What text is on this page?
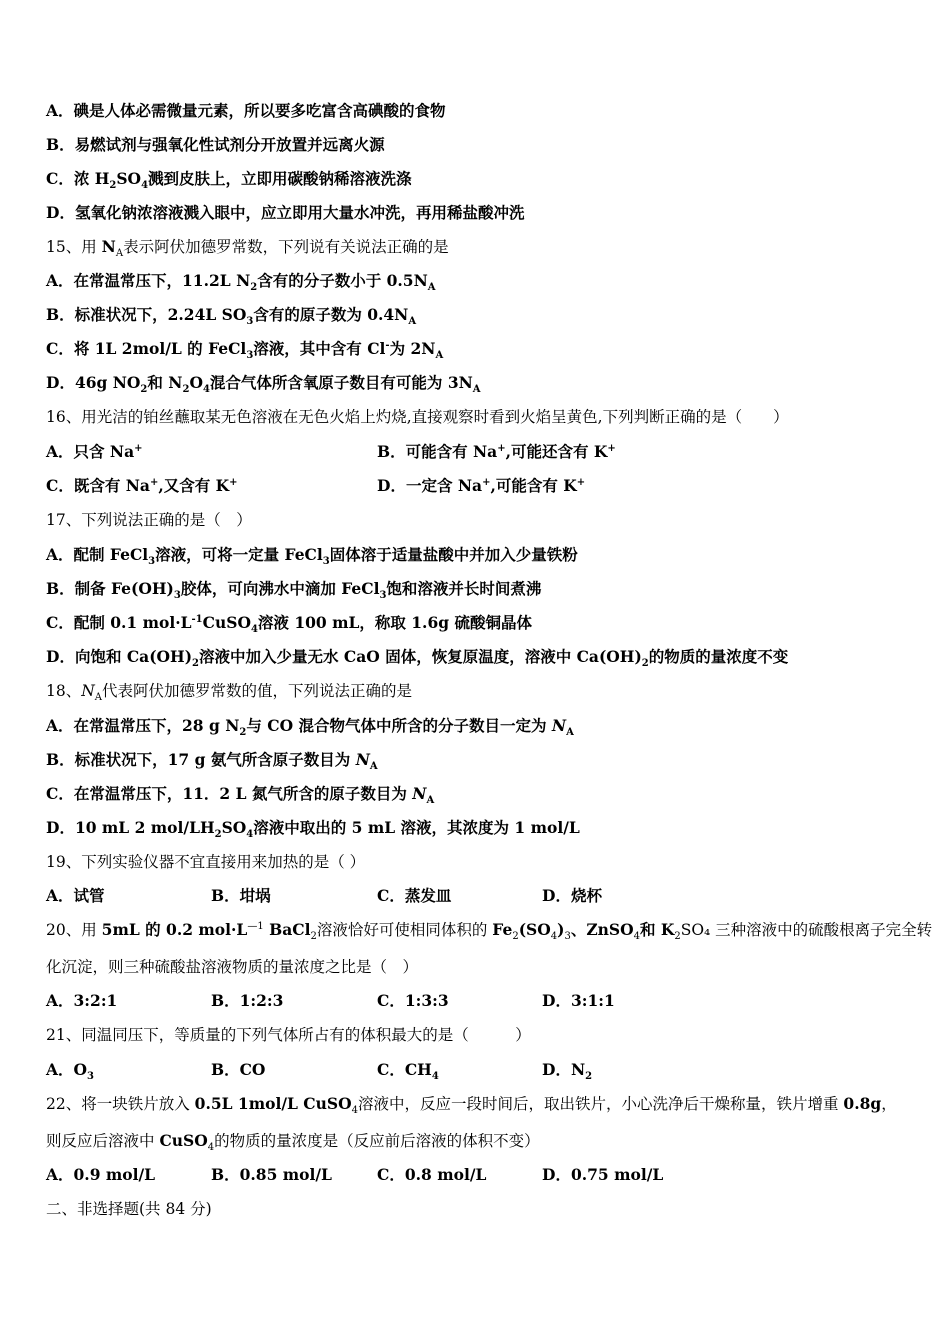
A．碘是人体必需微量元素，所以要多吃富含高碘酸的食物
B．易燃试剂与强氧化性试剂分开放置并远离火源
C．浓 $H_2SO_4$溅到皮肤上，立即用碳酸钠稀溶液洗涤
D．氢氧化钠浓溶液溅入眼中，应立即用大量水冲洗，再用稀盐酸冲洗
15、用 $N_A$表示阿伏加德罗常数，下列说有关说法正确的是
A．在常温常压下，11.2L $N_2$含有的分子数小于 $0.5N_A$
B．标准状况下，2.24L $SO_3$含有的原子数为 $0.4N_A$
C．将 1L 2mol/L 的 FeCl$_3$溶液，其中含有 Cl-为 $2N_A$
D．46g $NO_2$和 $N_2O_4$混合气体所含氧原子数目有可能为 $3N_A$
16、用光洁的铂丝蘸取某无色溶液在无色火焰上灼烧,直接观察时看到火焰呈黄色,下列判断正确的是（　　）
A．只含 Na+	B．可能含有 Na+,可能还含有 K+
C．既含有 Na+,又含有 K+	D．一定含 Na+,可能含有 K+
17、下列说法正确的是（　）
A．配制 FeCl$_3$溶液，可将一定量 FeCl$_3$固体溶于适量盐酸中并加入少量铁粉
B．制备 $Fe(OH)_3$胶体，可向沸水中滴加 FeCl$_3$饱和溶液并长时间煮沸
C．配制 0.1 $mol\cdot L^{-1}CuSO_4$溶液 100 mL，称取 1.6g 硫酸铜晶体
D．向饱和 $Ca(OH)_2$溶液中加入少量无水 CaO 固体，恢复原温度，溶液中 $Ca(OH)_2$的物质的量浓度不变
18、$N_A$代表阿伏加德罗常数的值，下列说法正确的是
A．在常温常压下，28 g $N_2$与 CO 混合物气体中所含的分子数目一定为 $N_A$
B．标准状况下，17 g 氨气所含原子数目为 $N_A$
C．在常温常压下，11．2 L 氮气所含的原子数目为 $N_A$
D．10 mL 2 mol/$LH_2SO_4$溶液中取出的 5 mL 溶液，其浓度为 1 mol/L
19、下列实验仪器不宜直接用来加热的是（ ）
A．试管	B．坩埚	C．蒸发皿	D．烧杯
20、用 5mL 的 0.2 $mol\cdot L^{—1}$ BaCl$_2$溶液恰好可使相同体积的 $Fe_2(SO_4)_3$、ZnSO$_4$和 $K_2SO_4$ 三种溶液中的硫酸根离子完全转
化沉淀，则三种硫酸盐溶液物质的量浓度之比是（　）
A．3:2:1	B．1:2:3	C．1:3:3	D．3:1:1
21、同温同压下，等质量的下列气体所占有的体积最大的是（　　　）
A．$O_3$	B．CO	C．$CH_4$	D．$N_2$
22、将一块铁片放入 0.5L 1mol/L CuSO$_4$溶液中，反应一段时间后，取出铁片，小心洗净后干燥称量，铁片增重 0.8g，
则反应后溶液中 CuSO$_4$的物质的量浓度是（反应前后溶液的体积不变）
A．0.9 mol/L	B．0.85 mol/L	C．0.8 mol/L	D．0.75 mol/L
二、非选择题(共 84 分)
